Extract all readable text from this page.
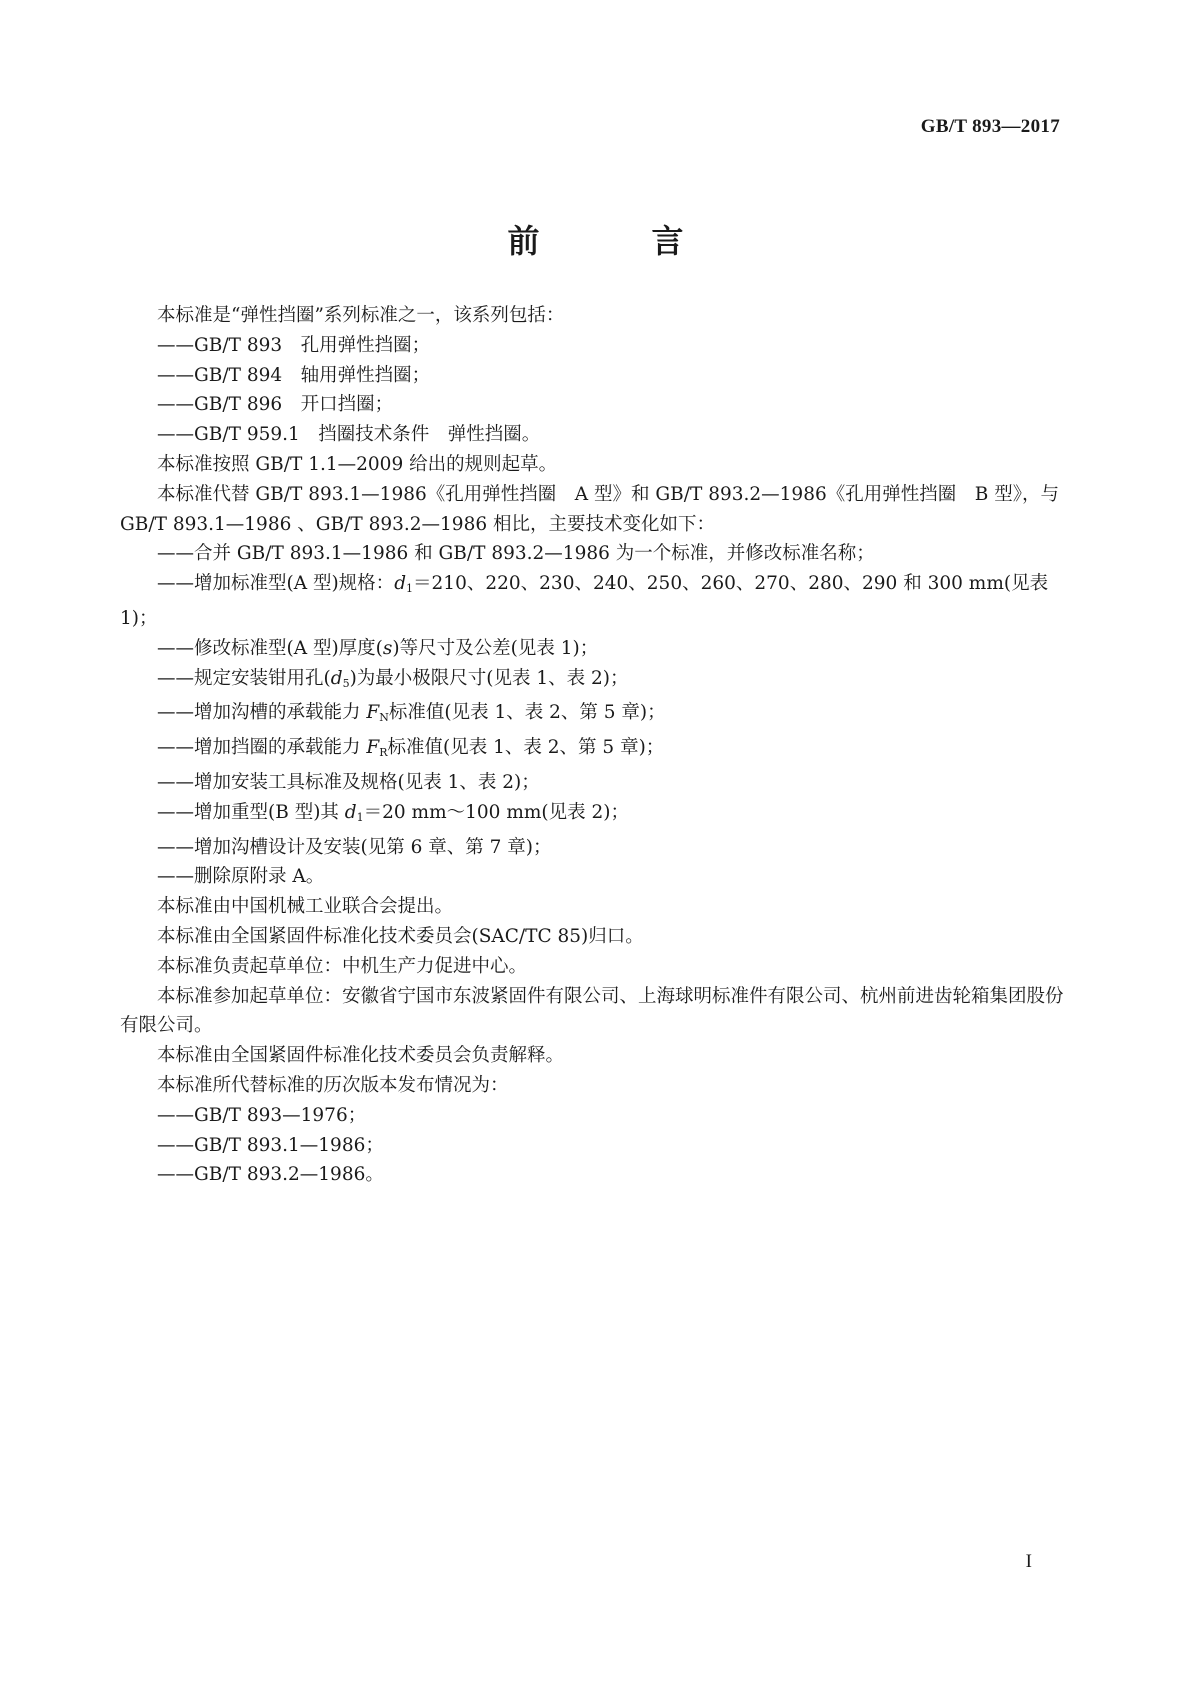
GB/T 893—2017
前　言

本标准是“弹性挡圈”系列标准之一，该系列包括：

——GB/T 893　孔用弹性挡圈；

——GB/T 894　轴用弹性挡圈；

——GB/T 896　开口挡圈；

——GB/T 959.1　挡圈技术条件　弹性挡圈。

本标准按照 GB/T 1.1—2009 给出的规则起草。

本标准代替 GB/T 893.1—1986《孔用弹性挡圈　A 型》和 GB/T 893.2—1986《孔用弹性挡圈　B 型》，与 GB/T 893.1—1986 、GB/T 893.2—1986 相比，主要技术变化如下：

——合并 GB/T 893.1—1986 和 GB/T 893.2—1986 为一个标准，并修改标准名称；

——增加标准型(A 型)规格：$d_1=210$、220、230、240、250、260、270、280、290 和 300 mm(见表 1)；

——修改标准型(A 型)厚度(s)等尺寸及公差(见表 1)；

——规定安装钳用孔$(d_5)$为最小极限尺寸(见表 1、表 2)；

——增加沟槽的承载能力 $F_N$标准值(见表 1、表 2、第 5 章)；

——增加挡圈的承载能力 $F_R$标准值(见表 1、表 2、第 5 章)；

——增加安装工具标准及规格(见表 1、表 2)；

——增加重型(B 型)其 $d_1=20$ mm～100 mm(见表 2)；

——增加沟槽设计及安装(见第 6 章、第 7 章)；

——删除原附录 A。

本标准由中国机械工业联合会提出。

本标准由全国紧固件标准化技术委员会(SAC/TC 85)归口。

本标准负责起草单位：中机生产力促进中心。

本标准参加起草单位：安徽省宁国市东波紧固件有限公司、上海球明标准件有限公司、杭州前进齿轮箱集团股份有限公司。

本标准由全国紧固件标准化技术委员会负责解释。

本标准所代替标准的历次版本发布情况为：

——GB/T 893—1976；

——GB/T 893.1—1986；

——GB/T 893.2—1986。

I
